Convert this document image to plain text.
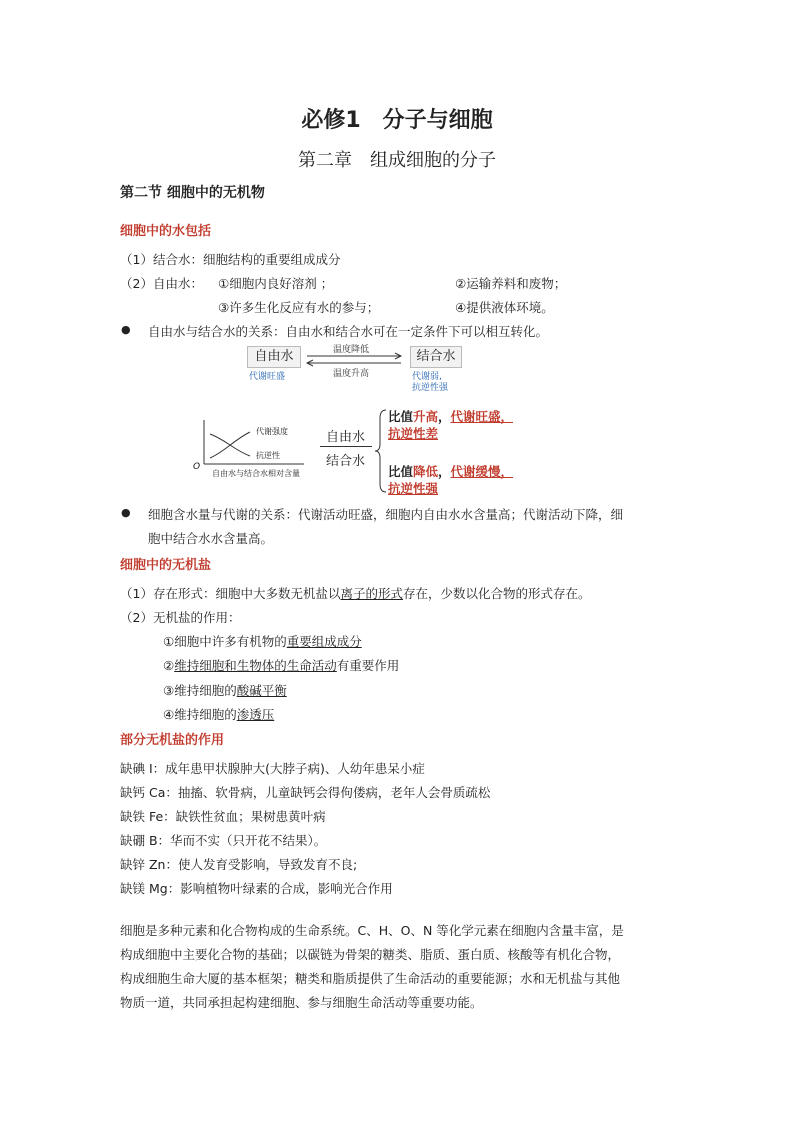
必修1　分子与细胞
第二章　组成细胞的分子
第二节 细胞中的无机物
细胞中的水包括
（1）结合水：细胞结构的重要组成成分
（2）自由水： ①细胞内良好溶剂 ；	②运输养料和废物；
③许多生化反应有水的参与；	④提供液体环境。
● 自由水与结合水的关系：自由水和结合水可在一定条件下可以相互转化。
自由水
代谢旺盛
温度降低
温度升高
结合水
代谢弱,
抗逆性强
代谢强度
抗逆性
O
自由水与结合水相对含量
自由水
结合水
比值升高，代谢旺盛，
抗逆性差
比值降低，代谢缓慢，
抗逆性强
● 细胞含水量与代谢的关系：代谢活动旺盛，细胞内自由水水含量高；代谢活动下降，细
胞中结合水水含量高。
细胞中的无机盐
（1）存在形式：细胞中大多数无机盐以离子的形式存在，少数以化合物的形式存在。
（2）无机盐的作用：
①细胞中许多有机物的重要组成成分
②维持细胞和生物体的生命活动有重要作用
③维持细胞的酸碱平衡
④维持细胞的渗透压
部分无机盐的作用
缺碘 I：成年患甲状腺肿大(大脖子病)、人幼年患呆小症
缺钙 Ca：抽搐、软骨病，儿童缺钙会得佝偻病，老年人会骨质疏松
缺铁 Fe：缺铁性贫血；果树患黄叶病
缺硼 B：华而不实（只开花不结果）。
缺锌 Zn：使人发育受影响，导致发育不良;
缺镁 Mg：影响植物叶绿素的合成，影响光合作用
细胞是多种元素和化合物构成的生命系统。C、H、O、N 等化学元素在细胞内含量丰富，是
构成细胞中主要化合物的基础；以碳链为骨架的糖类、脂质、蛋白质、核酸等有机化合物，
构成细胞生命大厦的基本框架；糖类和脂质提供了生命活动的重要能源；水和无机盐与其他
物质一道，共同承担起构建细胞、参与细胞生命活动等重要功能。
